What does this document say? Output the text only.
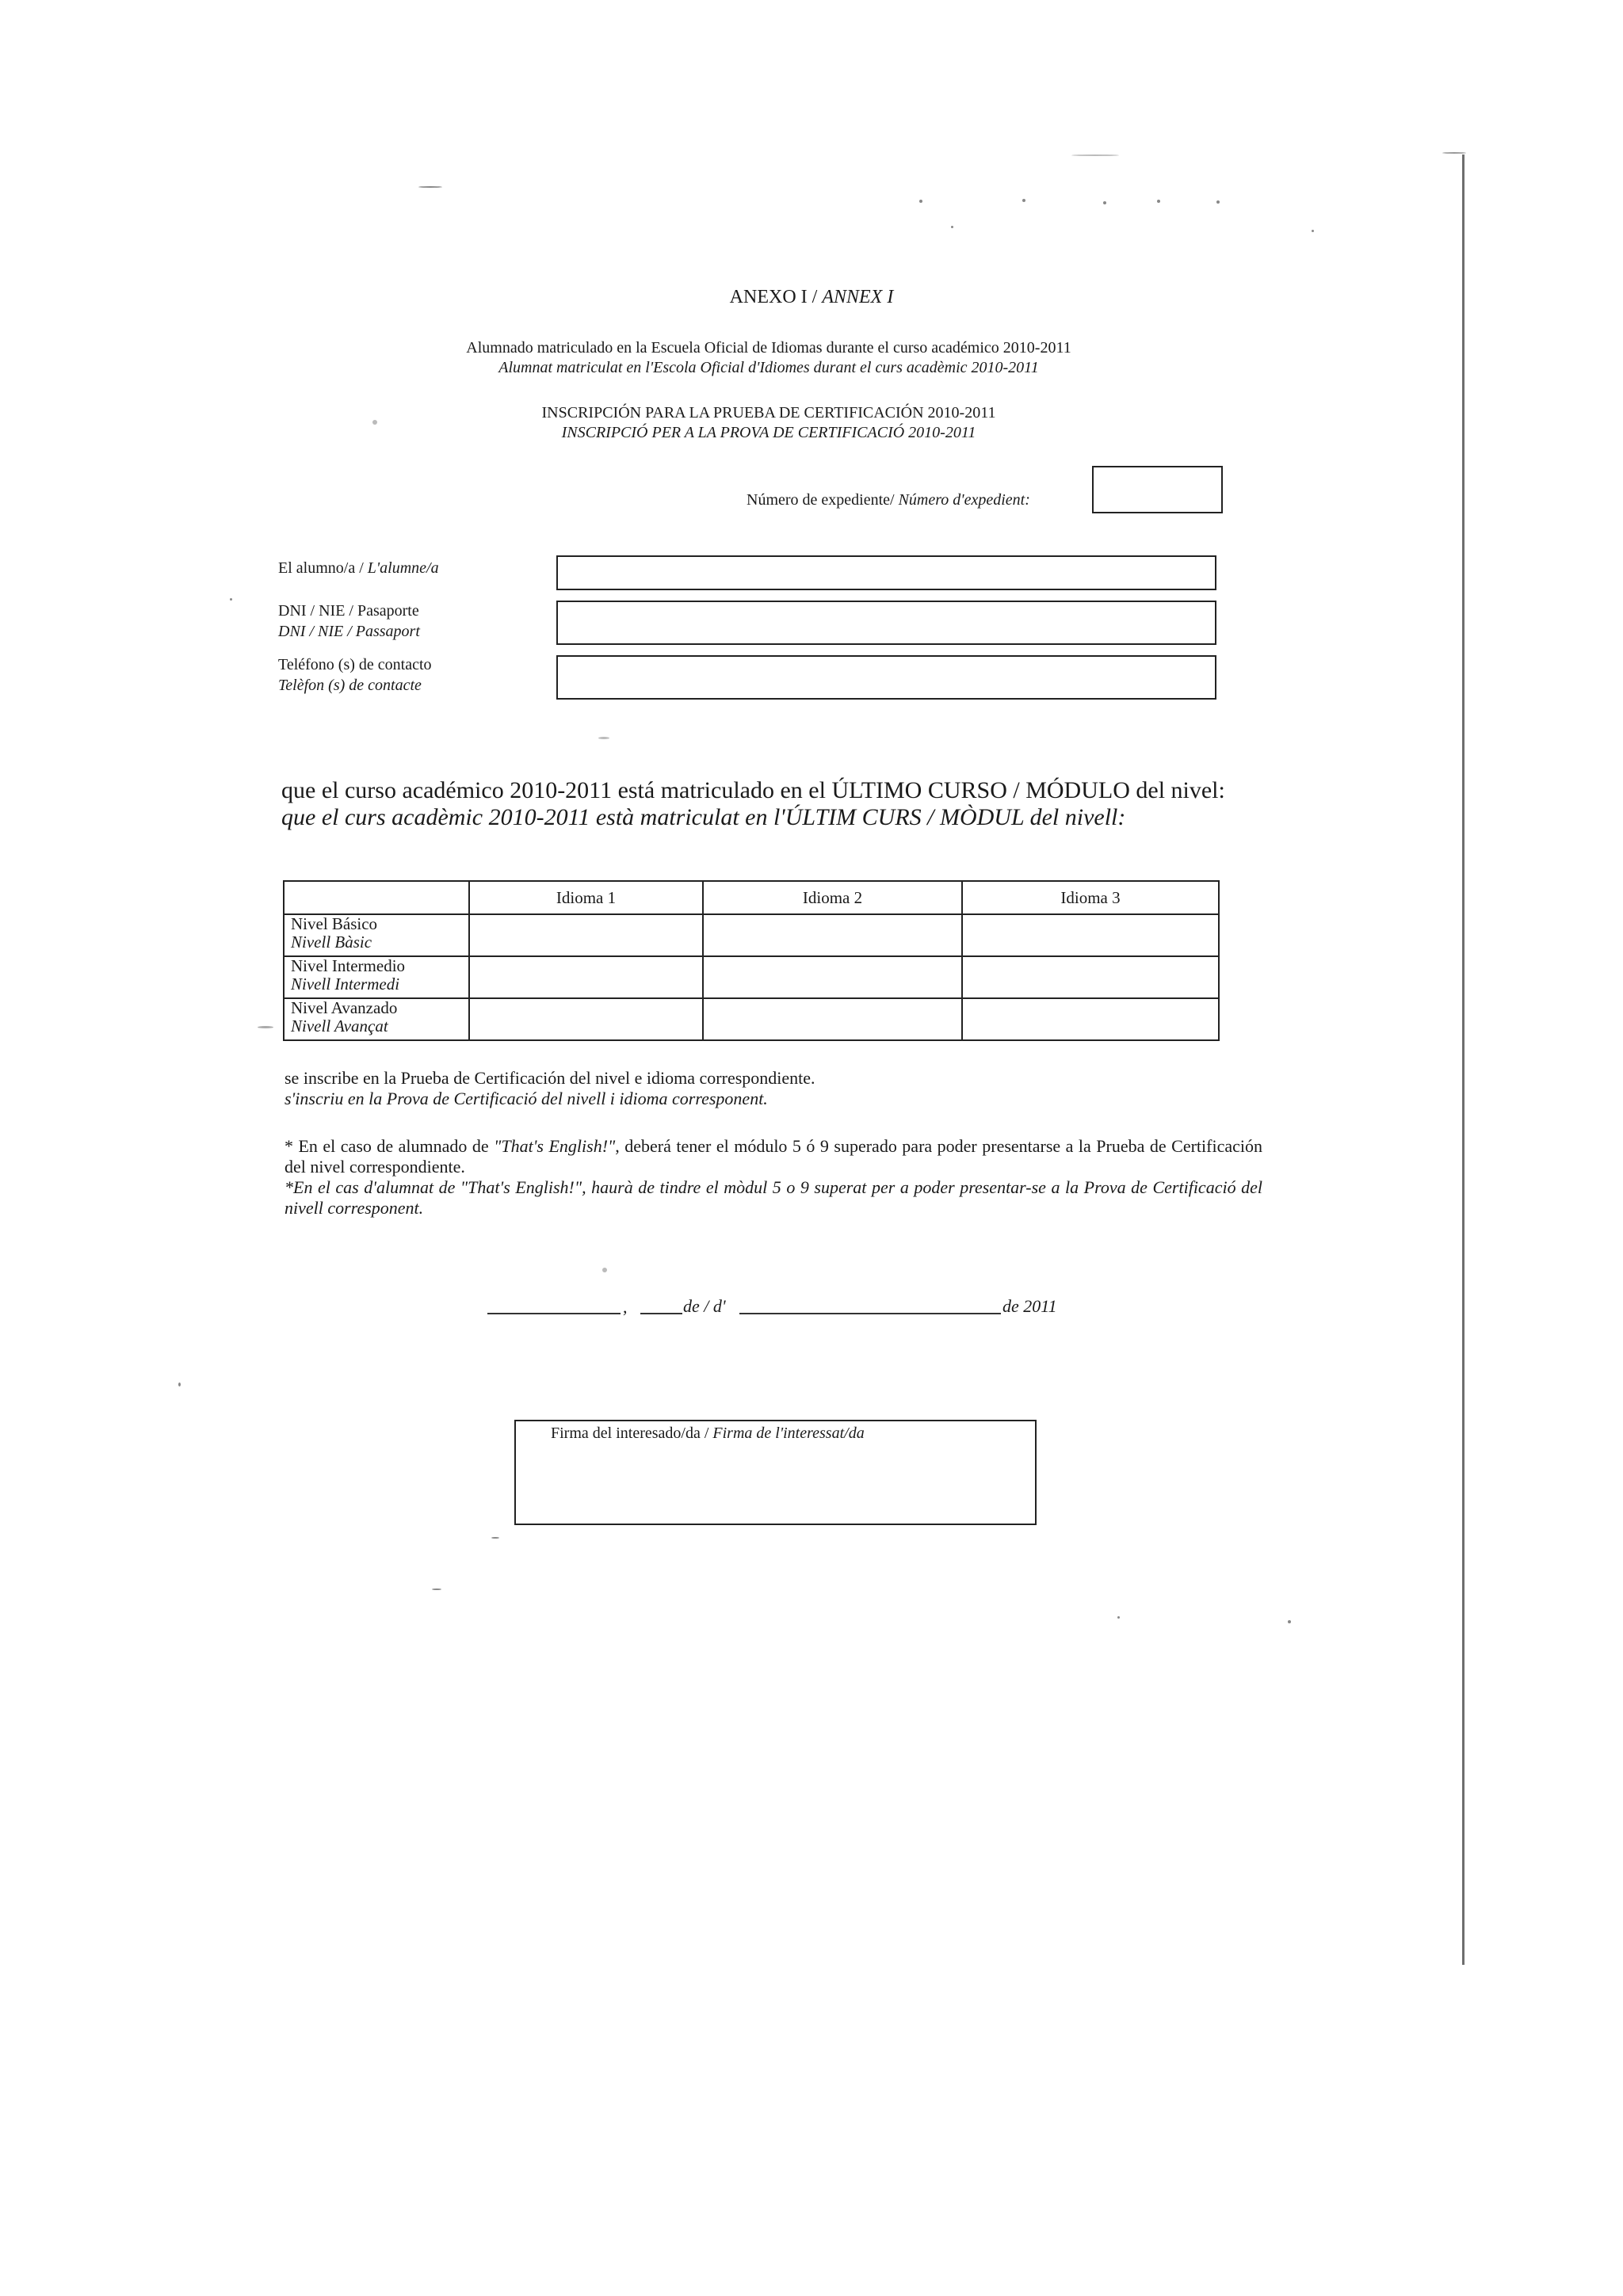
ANEXO I / ANNEX I
Alumnado matriculado en la Escuela Oficial de Idiomas durante el curso académico 2010-2011
Alumnat matriculat en l'Escola Oficial d'Idiomes durant el curs acadèmic 2010-2011
INSCRIPCIÓN PARA LA PRUEBA DE CERTIFICACIÓN 2010-2011
INSCRIPCIÓ PER A LA PROVA DE CERTIFICACIÓ 2010-2011
Número de expediente/ Número d'expedient:
El alumno/a / L'alumne/a
DNI / NIE / Pasaporte
DNI / NIE / Passaport
Teléfono (s) de contacto
Telèfon (s) de contacte
que el curso académico 2010-2011 está matriculado en el ÚLTIMO CURSO / MÓDULO del nivel:
que el curs acadèmic 2010-2011 està matriculat en l'ÚLTIM CURS / MÒDUL del nivell:
	Idioma 1	Idioma 2	Idioma 3

Nivel Básico
Nivell Bàsic			

Nivel Intermedio
Nivell Intermedi			

Nivel Avanzado
Nivell Avançat			

se inscribe en la Prueba de Certificación del nivel e idioma correspondiente.
s'inscriu en la Prova de Certificació del nivell i idioma corresponent.
* En el caso de alumnado de "That's English!", deberá tener el módulo 5 ó 9 superado para poder presentarse a la Prueba de Certificación del nivel correspondiente.
*En el cas d'alumnat de "That's English!", haurà de tindre el mòdul 5 o 9 superat per a poder presentar-se a la Prova de Certificació del nivell corresponent.
,	de / d'	de 2011
Firma del interesado/da / Firma de l'interessat/da
